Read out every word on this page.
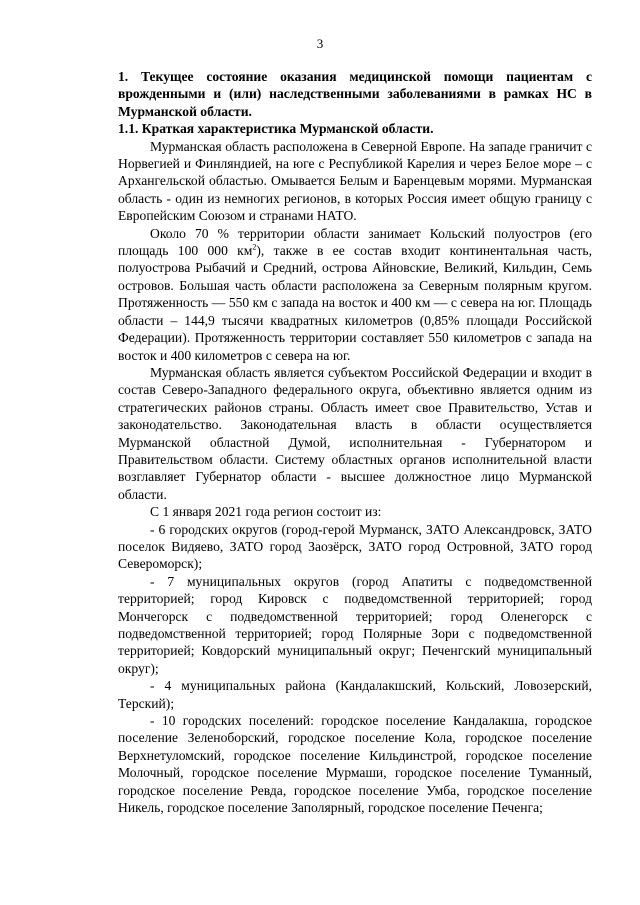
3

1. Текущее состояние оказания медицинской помощи пациентам с врожденными и (или) наследственными заболеваниями в рамках НС в Мурманской области.

1.1. Краткая характеристика Мурманской области.

Мурманская область расположена в Северной Европе. На западе граничит с Норвегией и Финляндией, на юге с Республикой Карелия и через Белое море – с Архангельской областью. Омывается Белым и Баренцевым морями. Мурманская область - один из немногих регионов, в которых Россия имеет общую границу с Европейским Союзом и странами НАТО.

Около 70 % территории области занимает Кольский полуостров (его площадь 100 000 $км^2$), также в ее состав входит континентальная часть, полуострова Рыбачий и Средний, острова Айновские, Великий, Кильдин, Семь островов. Большая часть области расположена за Северным полярным кругом. Протяженность — 550 км с запада на восток и 400 км — с севера на юг. Площадь области – 144,9 тысячи квадратных километров (0,85% площади Российской Федерации). Протяженность территории составляет 550 километров с запада на восток и 400 километров с севера на юг.

Мурманская область является субъектом Российской Федерации и входит в состав Северо-Западного федерального округа, объективно является одним из стратегических районов страны. Область имеет свое Правительство, Устав и законодательство. Законодательная власть в области осуществляется Мурманской областной Думой, исполнительная - Губернатором и Правительством области. Систему областных органов исполнительной власти возглавляет Губернатор области - высшее должностное лицо Мурманской области.

С 1 января 2021 года регион состоит из:

- 6 городских округов (город-герой Мурманск, ЗАТО Александровск, ЗАТО поселок Видяево, ЗАТО город Заозёрск, ЗАТО город Островной, ЗАТО город Североморск);

- 7 муниципальных округов (город Апатиты с подведомственной территорией; город Кировск с подведомственной территорией; город Мончегорск с подведомственной территорией; город Оленегорск с подведомственной территорией; город Полярные Зори с подведомственной территорией; Ковдорский муниципальный округ; Печенгский муниципальный округ);

- 4 муниципальных района (Кандалакшский, Кольский, Ловозерский, Терский);

- 10 городских поселений: городское поселение Кандалакша, городское поселение Зеленоборский, городское поселение Кола, городское поселение Верхнетуломский, городское поселение Кильдинстрой, городское поселение Молочный, городское поселение Мурмаши, городское поселение Туманный, городское поселение Ревда, городское поселение Умба, городское поселение Никель, городское поселение Заполярный, городское поселение Печенга;
